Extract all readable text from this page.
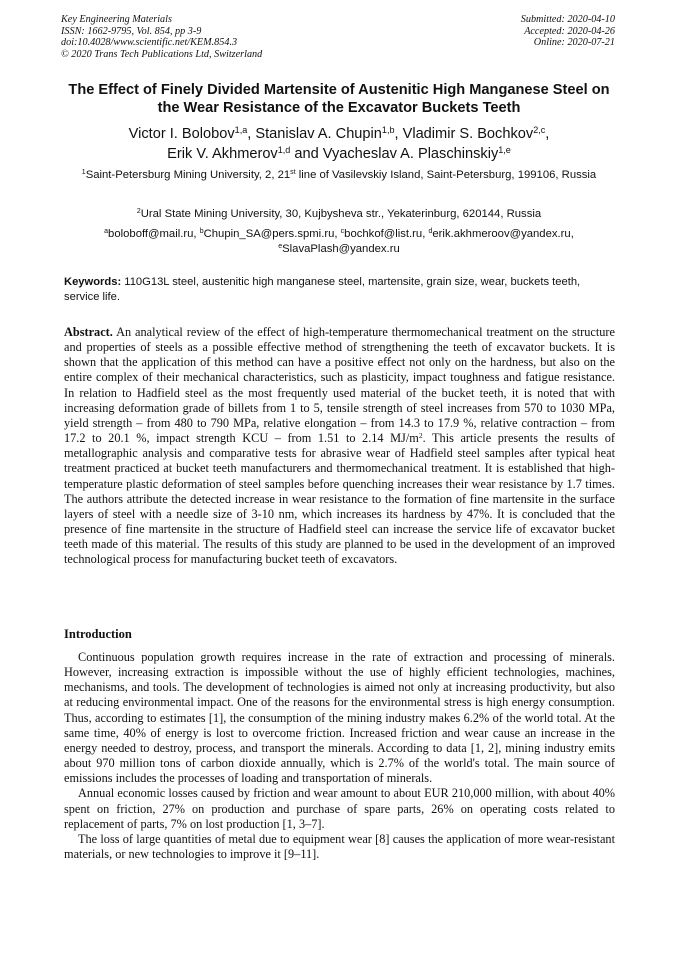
Key Engineering Materials
ISSN: 1662-9795, Vol. 854, pp 3-9
doi:10.4028/www.scientific.net/KEM.854.3
© 2020 Trans Tech Publications Ltd, Switzerland
Submitted: 2020-04-10
Accepted: 2020-04-26
Online: 2020-07-21
The Effect of Finely Divided Martensite of Austenitic High Manganese Steel on the Wear Resistance of the Excavator Buckets Teeth
Victor I. Bolobov$^{1,a}$, Stanislav A. Chupin$^{1,b}$, Vladimir S. Bochkov$^{2,c}$,
Erik V. Akhmerov$^{1,d}$ and Vyacheslav A. Plaschinskiy$^{1,e}$
$^1$Saint-Petersburg Mining University, 2, 21st line of Vasilevskiy Island, Saint-Petersburg, 199106, Russia
$^2$Ural State Mining University, 30, Kujbysheva str., Yekaterinburg, 620144, Russia
$^a$boloboff@mail.ru, $^b$Chupin_SA@pers.spmi.ru, $^c$bochkof@list.ru, $^d$erik.akhmeroov@yandex.ru,
$^e$SlavaPlash@yandex.ru
Keywords: 110G13L steel, austenitic high manganese steel, martensite, grain size, wear, buckets teeth, service life.
Abstract. An analytical review of the effect of high-temperature thermomechanical treatment on the structure and properties of steels as a possible effective method of strengthening the teeth of excavator buckets. It is shown that the application of this method can have a positive effect not only on the hardness, but also on the entire complex of their mechanical characteristics, such as plasticity, impact toughness and fatigue resistance. In relation to Hadfield steel as the most frequently used material of the bucket teeth, it is noted that with increasing deformation grade of billets from 1 to 5, tensile strength of steel increases from 570 to 1030 MPa, yield strength – from 480 to 790 MPa, relative elongation – from 14.3 to 17.9 %, relative contraction – from 17.2 to 20.1 %, impact strength KCU – from 1.51 to 2.14 $MJ/m^2$. This article presents the results of metallographic analysis and comparative tests for abrasive wear of Hadfield steel samples after typical heat treatment practiced at bucket teeth manufacturers and thermomechanical treatment. It is established that high-temperature plastic deformation of steel samples before quenching increases their wear resistance by 1.7 times. The authors attribute the detected increase in wear resistance to the formation of fine martensite in the surface layers of steel with a needle size of 3-10 nm, which increases its hardness by 47%. It is concluded that the presence of fine martensite in the structure of Hadfield steel can increase the service life of excavator bucket teeth made of this material. The results of this study are planned to be used in the development of an improved technological process for manufacturing bucket teeth of excavators.
Introduction

Continuous population growth requires increase in the rate of extraction and processing of minerals. However, increasing extraction is impossible without the use of highly efficient technologies, machines, mechanisms, and tools. The development of technologies is aimed not only at increasing productivity, but also at reducing environmental impact. One of the reasons for the environmental stress is high energy consumption. Thus, according to estimates [1], the consumption of the mining industry makes 6.2% of the world total. At the same time, 40% of energy is lost to overcome friction. Increased friction and wear cause an increase in the energy needed to destroy, process, and transport the minerals. According to data [1, 2], mining industry emits about 970 million tons of carbon dioxide annually, which is 2.7% of the world's total. The main source of emissions includes the processes of loading and transportation of minerals.

Annual economic losses caused by friction and wear amount to about EUR 210,000 million, with about 40% spent on friction, 27% on production and purchase of spare parts, 26% on operating costs related to replacement of parts, 7% on lost production [1, 3–7].

The loss of large quantities of metal due to equipment wear [8] causes the application of more wear-resistant materials, or new technologies to improve it [9–11].
